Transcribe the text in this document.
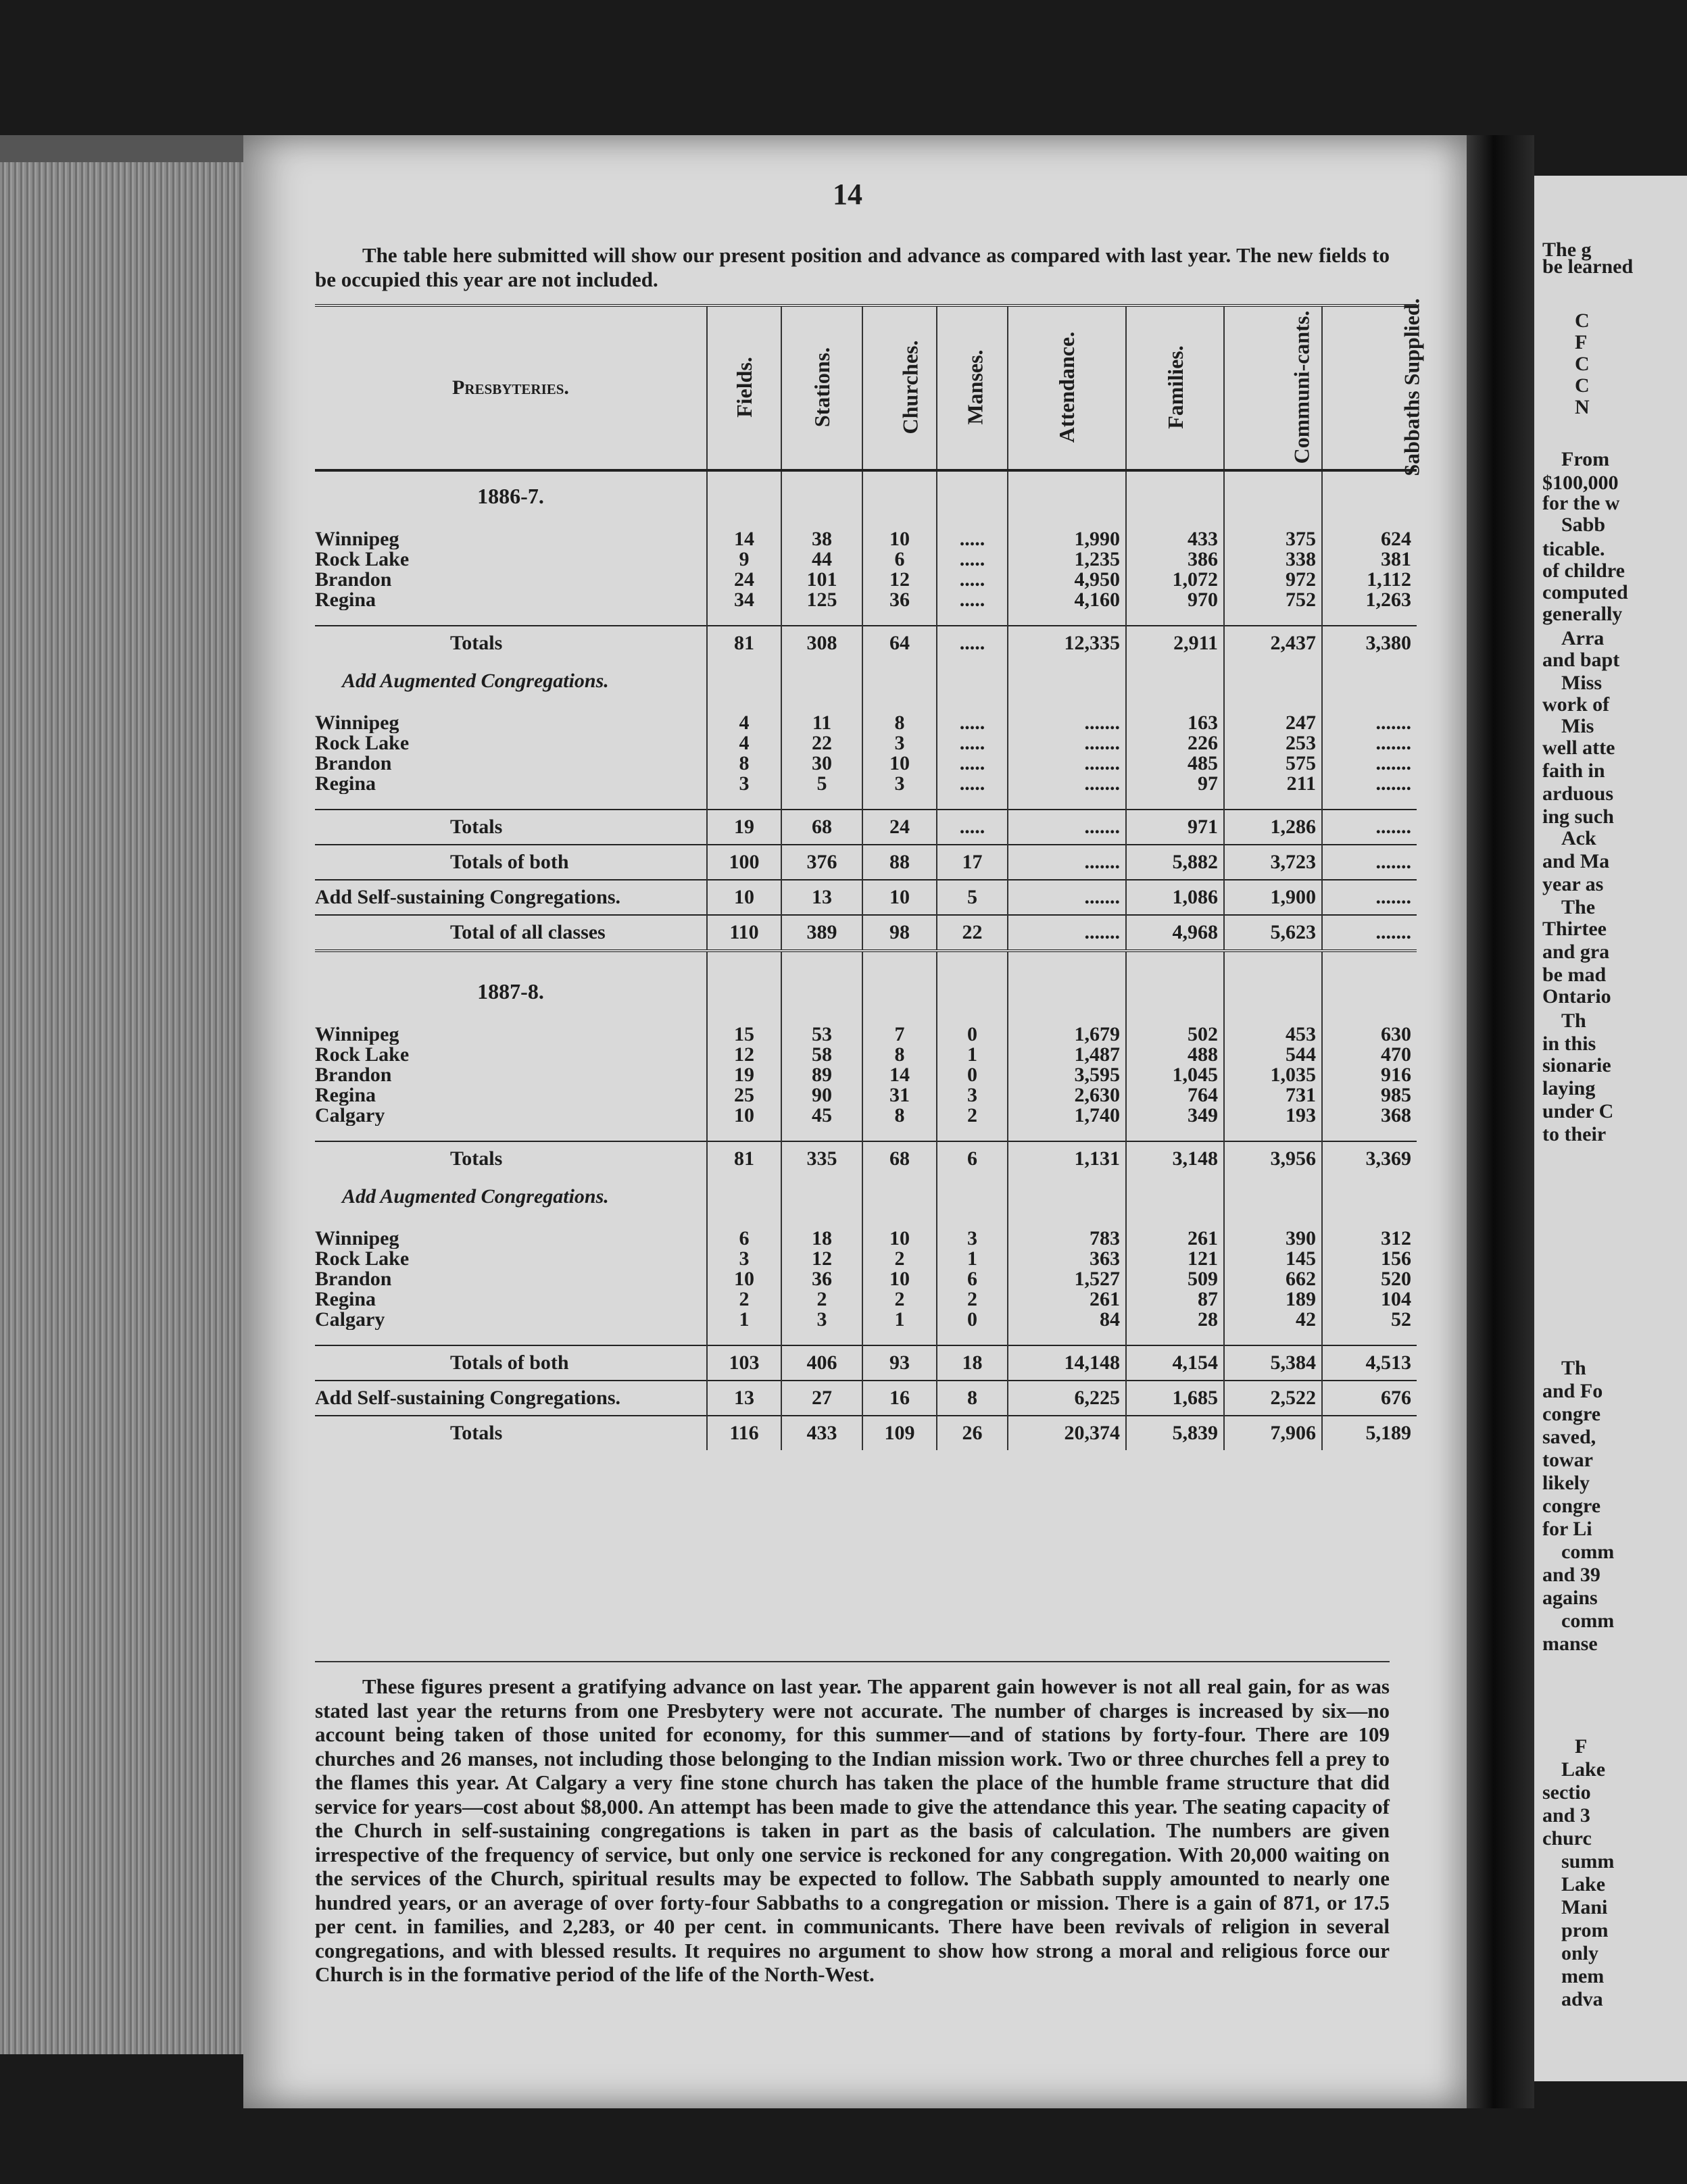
The g
be learned
C
F
C
C
N
From
$100,000
for the w
Sabb
ticable.
of childre
computed
generally
Arra
and bapt
Miss
work of
Mis
well atte
faith in
arduous
ing such
Ack
and Ma
year as
The
Thirtee
and gra
be mad
Ontario
Th
in this
sionarie
laying
under C
to their
Th
and Fo
congre
saved,
towar
likely
congre
for Li
comm
and 39
agains
comm
manse
F
Lake
sectio
and 3
churc
summ
Lake
Mani
prom
only
mem
adva
14
The table here submitted will show our present position and advance as compared with last year. The new fields to be occupied this year are not included.
Presbyteries.	Fields.	Stations.	Churches.	Manses.	Attendance.	Families.	Communi-cants.	Sabbaths Supplied.
1886-7.								
Winnipeg	14	38	10	.....	1,990	433	375	624
Rock Lake	9	44	6	.....	1,235	386	338	381
Brandon	24	101	12	.....	4,950	1,072	972	1,112
Regina	34	125	36	.....	4,160	970	752	1,263

Totals	81	308	64	.....	12,335	2,911	2,437	3,380
Add Augmented Congregations.								
Winnipeg	4	11	8	.....	.......	163	247	.......
Rock Lake	4	22	3	.....	.......	226	253	.......
Brandon	8	30	10	.....	.......	485	575	.......
Regina	3	5	3	.....	.......	97	211	.......

Totals	19	68	24	.....	.......	971	1,286	.......
Totals of both	100	376	88	17	.......	5,882	3,723	.......
Add Self-sustaining Congregations.	10	13	10	5	.......	1,086	1,900	.......
Total of all classes	110	389	98	22	.......	4,968	5,623	.......

1887-8.								
Winnipeg	15	53	7	0	1,679	502	453	630
Rock Lake	12	58	8	1	1,487	488	544	470
Brandon	19	89	14	0	3,595	1,045	1,035	916
Regina	25	90	31	3	2,630	764	731	985
Calgary	10	45	8	2	1,740	349	193	368

Totals	81	335	68	6	1,131	3,148	3,956	3,369
Add Augmented Congregations.								
Winnipeg	6	18	10	3	783	261	390	312
Rock Lake	3	12	2	1	363	121	145	156
Brandon	10	36	10	6	1,527	509	662	520
Regina	2	2	2	2	261	87	189	104
Calgary	1	3	1	0	84	28	42	52

Totals of both	103	406	93	18	14,148	4,154	5,384	4,513
Add Self-sustaining Congregations.	13	27	16	8	6,225	1,685	2,522	676
Totals	116	433	109	26	20,374	5,839	7,906	5,189
These figures present a gratifying advance on last year. The apparent gain however is not all real gain, for as was stated last year the returns from one Presbytery were not accurate. The number of charges is increased by six—no account being taken of those united for economy, for this summer—and of stations by forty-four. There are 109 churches and 26 manses, not including those belonging to the Indian mission work. Two or three churches fell a prey to the flames this year. At Calgary a very fine stone church has taken the place of the humble frame structure that did service for years—cost about $8,000. An attempt has been made to give the attendance this year. The seating capacity of the Church in self-sustaining congregations is taken in part as the basis of calculation. The numbers are given irrespective of the frequency of service, but only one service is reckoned for any congregation. With 20,000 waiting on the services of the Church, spiritual results may be expected to follow. The Sabbath supply amounted to nearly one hundred years, or an average of over forty-four Sabbaths to a congregation or mission. There is a gain of 871, or 17.5 per cent. in families, and 2,283, or 40 per cent. in communicants. There have been revivals of religion in several congregations, and with blessed results. It requires no argument to show how strong a moral and religious force our Church is in the formative period of the life of the North-West.
